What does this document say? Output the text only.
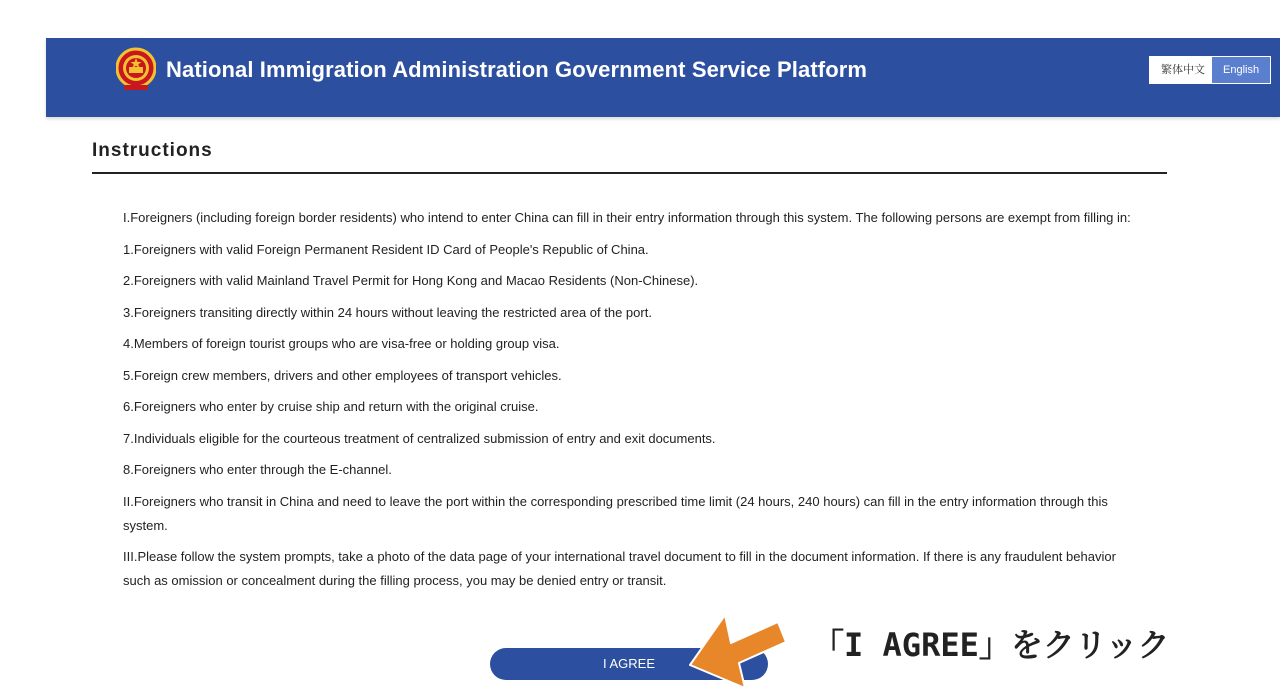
National Immigration Administration Government Service Platform	繁体中文	English
Instructions

I.Foreigners (including foreign border residents) who intend to enter China can fill in their entry information through this system. The following persons are exempt from filling in:

1.Foreigners with valid Foreign Permanent Resident ID Card of People's Republic of China.

2.Foreigners with valid Mainland Travel Permit for Hong Kong and Macao Residents (Non-Chinese).

3.Foreigners transiting directly within 24 hours without leaving the restricted area of the port.

4.Members of foreign tourist groups who are visa-free or holding group visa.

5.Foreign crew members, drivers and other employees of transport vehicles.

6.Foreigners who enter by cruise ship and return with the original cruise.

7.Individuals eligible for the courteous treatment of centralized submission of entry and exit documents.

8.Foreigners who enter through the E-channel.

II.Foreigners who transit in China and need to leave the port within the corresponding prescribed time limit (24 hours, 240 hours) can fill in the entry information through this system.

III.Please follow the system prompts, take a photo of the data page of your international travel document to fill in the document information. If there is any fraudulent behavior such as omission or concealment during the filling process, you may be denied entry or transit.

I AGREE	「I AGREE」をクリック
